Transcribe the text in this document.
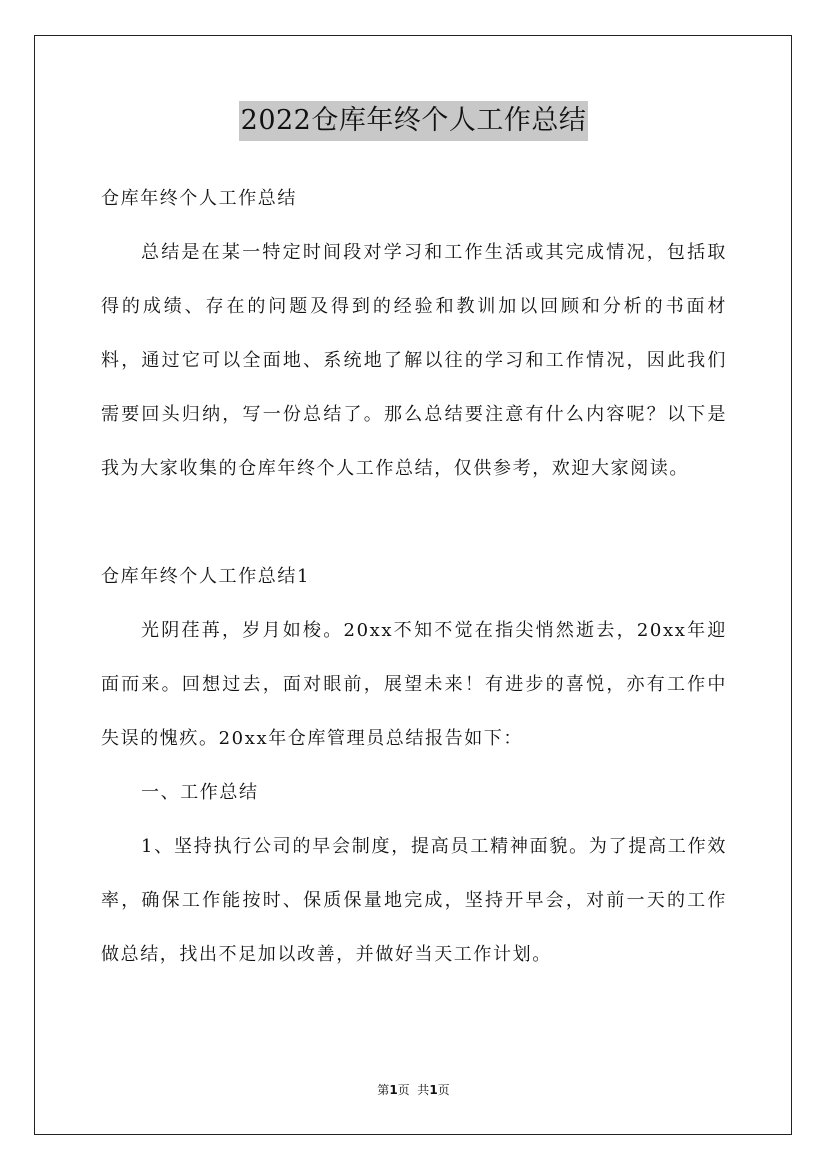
2022仓库年终个人工作总结

仓库年终个人工作总结

总结是在某一特定时间段对学习和工作生活或其完成情况，包括取得的成绩、存在的问题及得到的经验和教训加以回顾和分析的书面材料，通过它可以全面地、系统地了解以往的学习和工作情况，因此我们需要回头归纳，写一份总结了。那么总结要注意有什么内容呢？以下是我为大家收集的仓库年终个人工作总结，仅供参考，欢迎大家阅读。

仓库年终个人工作总结1

光阴荏苒，岁月如梭。20xx不知不觉在指尖悄然逝去，20xx年迎面而来。回想过去，面对眼前，展望未来！有进步的喜悦，亦有工作中失误的愧疚。20xx年仓库管理员总结报告如下：

一、工作总结

1、坚持执行公司的早会制度，提高员工精神面貌。为了提高工作效率，确保工作能按时、保质保量地完成，坚持开早会，对前一天的工作做总结，找出不足加以改善，并做好当天工作计划。

第1页  共1页
